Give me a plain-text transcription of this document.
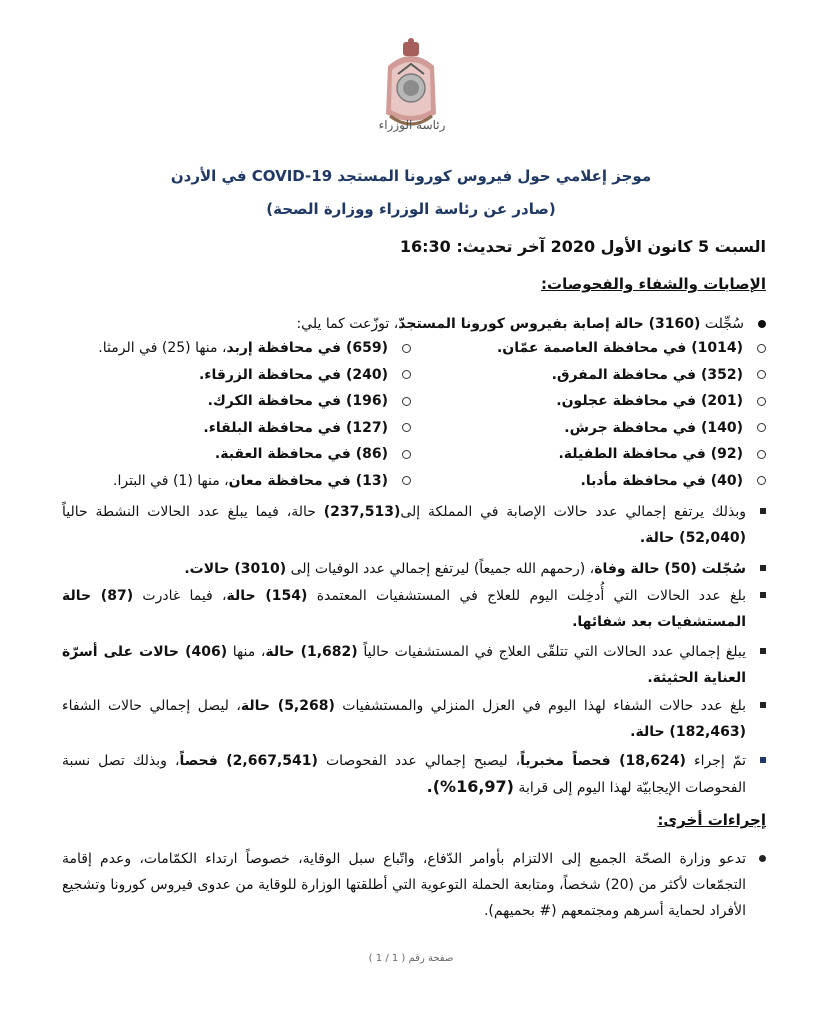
رئاسة الوزراء
موجز إعلامي حول فيروس كورونا المستجد COVID-19 في الأردن
(صادر عن رئاسة الوزراء ووزارة الصحة)
السبت 5 كانون الأول 2020 آخر تحديث: 16:30
الإصابات والشفاء والفحوصات:
سُجِّلت (3160) حالة إصابة بفيروس كورونا المستجدّ، توزّعت كما يلي:
(1014) في محافظة العاصمة عمّان.
(659) في محافظة إربد، منها (25) في الرمثا.
(352) في محافظة المفرق.
(240) في محافظة الزرقاء.
(201) في محافظة عجلون.
(196) في محافظة الكرك.
(140) في محافظة جرش.
(127) في محافظة البلقاء.
(92) في محافظة الطفيلة.
(86) في محافظة العقبة.
(40) في محافظة مأدبا.
(13) في محافظة معان، منها (1) في البترا.
وبذلك يرتفع إجمالي عدد حالات الإصابة في المملكة إلى(237,513) حالة، فيما يبلغ عدد الحالات النشطة حالياً (52,040) حالة.
سُجّلت (50) حالة وفاة، (رحمهم الله جميعاً) ليرتفع إجمالي عدد الوفيات إلى (3010) حالات.
بلغ عدد الحالات التي أُدخِلت اليوم للعلاج في المستشفيات المعتمدة (154) حالة، فيما غادرت (87) حالة المستشفيات بعد شفائها.
يبلغ إجمالي عدد الحالات التي تتلقّى العلاج في المستشفيات حالياً (1,682) حالة، منها (406) حالات على أسرّة العناية الحثيثة.
بلغ عدد حالات الشفاء لهذا اليوم في العزل المنزلي والمستشفيات (5,268) حالة، ليصل إجمالي حالات الشفاء (182,463) حالة.
تمّ إجراء (18,624) فحصاً مخبرياً، ليصبح إجمالي عدد الفحوصات (2,667,541) فحصاً، وبذلك تصل نسبة الفحوصات الإيجابيّة لهذا اليوم إلى قرابة (16,97%).
إجراءات أخرى:
تدعو وزارة الصحّة الجميع إلى الالتزام بأوامر الدّفاع، واتّباع سبل الوقاية، خصوصاً ارتداء الكمّامات، وعدم إقامة التجمّعات لأكثر من (20) شخصاً، ومتابعة الحملة التوعوية التي أطلقتها الوزارة للوقاية من عدوى فيروس كورونا وتشجيع الأفراد لحماية أسرهم ومجتمعهم (# بحميهم).
صفحة رقم ( 1 / 1 )
